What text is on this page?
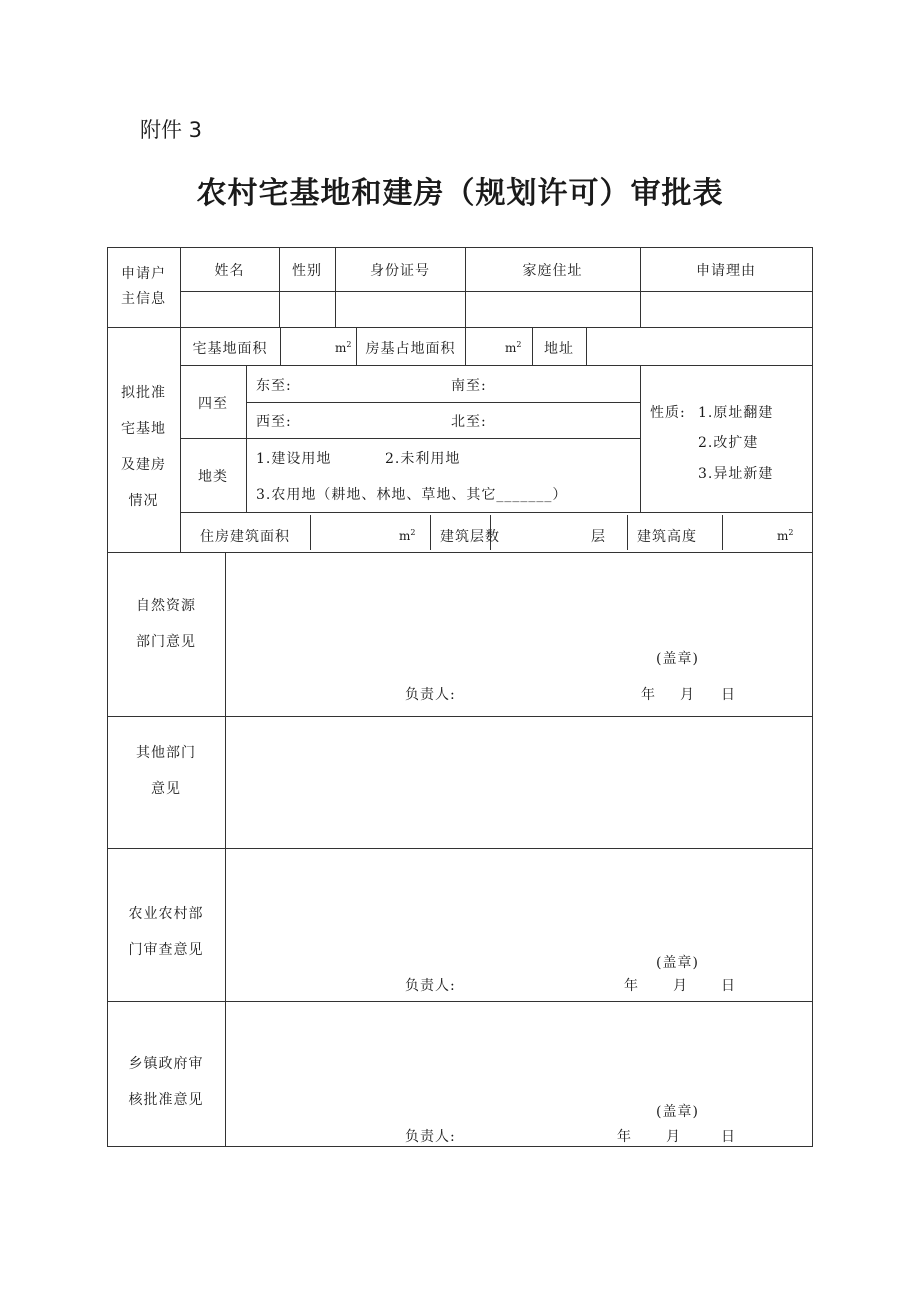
附件 3
农村宅基地和建房（规划许可）审批表
申请户
主信息
姓名	性别	身份证号	家庭住址	申请理由
拟批准
宅基地
及建房
情况
宅基地面积	$m^2$	房基占地面积	$m^2$	地址
四至
东至:	南至:
西至:	北至:
地类
1.建设用地	2.未利用地
3.农用地（耕地、林地、草地、其它_______）
性质: 1.原址翻建
2.改扩建
3.异址新建
住房建筑面积	$m^2$ 建筑层数	层 建筑高度	$m^2$
自然资源
部门意见
(盖章)
负责人:	年 月 日
其他部门
意见
农业农村部
门审查意见
(盖章)
负责人:	年 月 日
乡镇政府审
核批准意见
(盖章)
负责人:	年 月	日
